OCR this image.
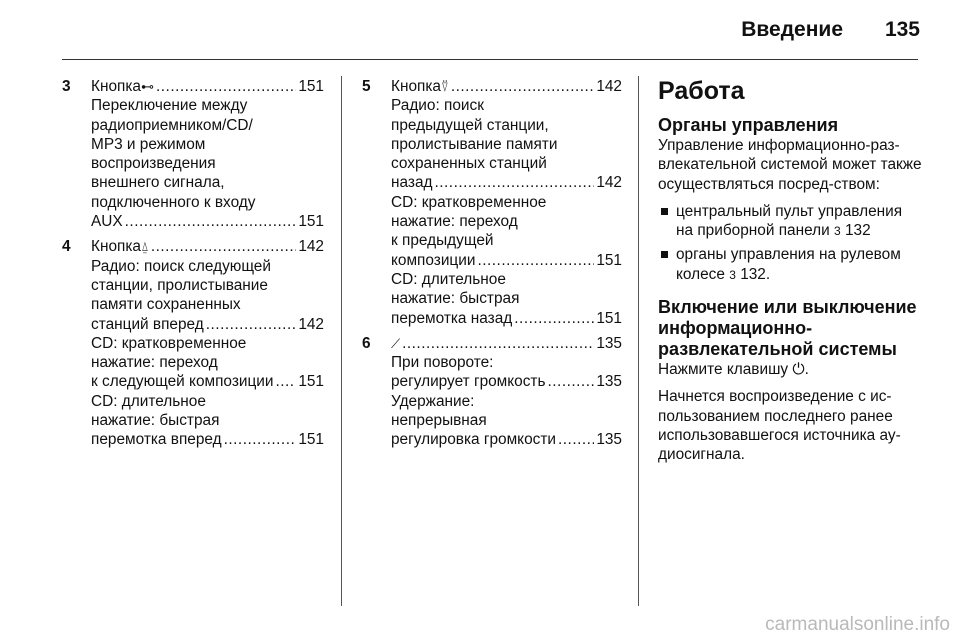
Введение 135
3 Кнопка ⊷ .....	151
Переключение между
радиоприемником/CD/
MP3 и режимом
воспроизведения
внешнего сигнала,
подключенного к входу
AUX .....	151
4 Кнопка ⍙ .....	142
Радио: поиск следующей
станции, пролистывание
памяти сохраненных
станций вперед .....	142
CD: кратковременное
нажатие: переход
к следующей композиции ..... 151
CD: длительное
нажатие: быстрая
перемотка вперед .....	151
5 Кнопка ⍢ .....	142
Радио: поиск
предыдущей станции,
пролистывание памяти
сохраненных станций
назад .....	142
CD: кратковременное
нажатие: переход
к предыдущей
композиции .....	151
CD: длительное
нажатие: быстрая
перемотка назад .....	151
6 ⟋ .....	135
При повороте:
регулирует громкость .....	135
Удержание:
непрерывная
регулировка громкости .....	135
Работа
Органы управления
Управление информационно-раз-влекательной системой может также осуществляться посред-ством:
центральный пульт управления на приборной панели 3 132
органы управления на рулевом колесе 3 132.
Включение или выключение информационно-развлекательной системы
Нажмите клавишу ⏻.
Начнется воспроизведение с ис-пользованием последнего ранее использовавшегося источника ау-диосигнала.
carmanualsonline.info
